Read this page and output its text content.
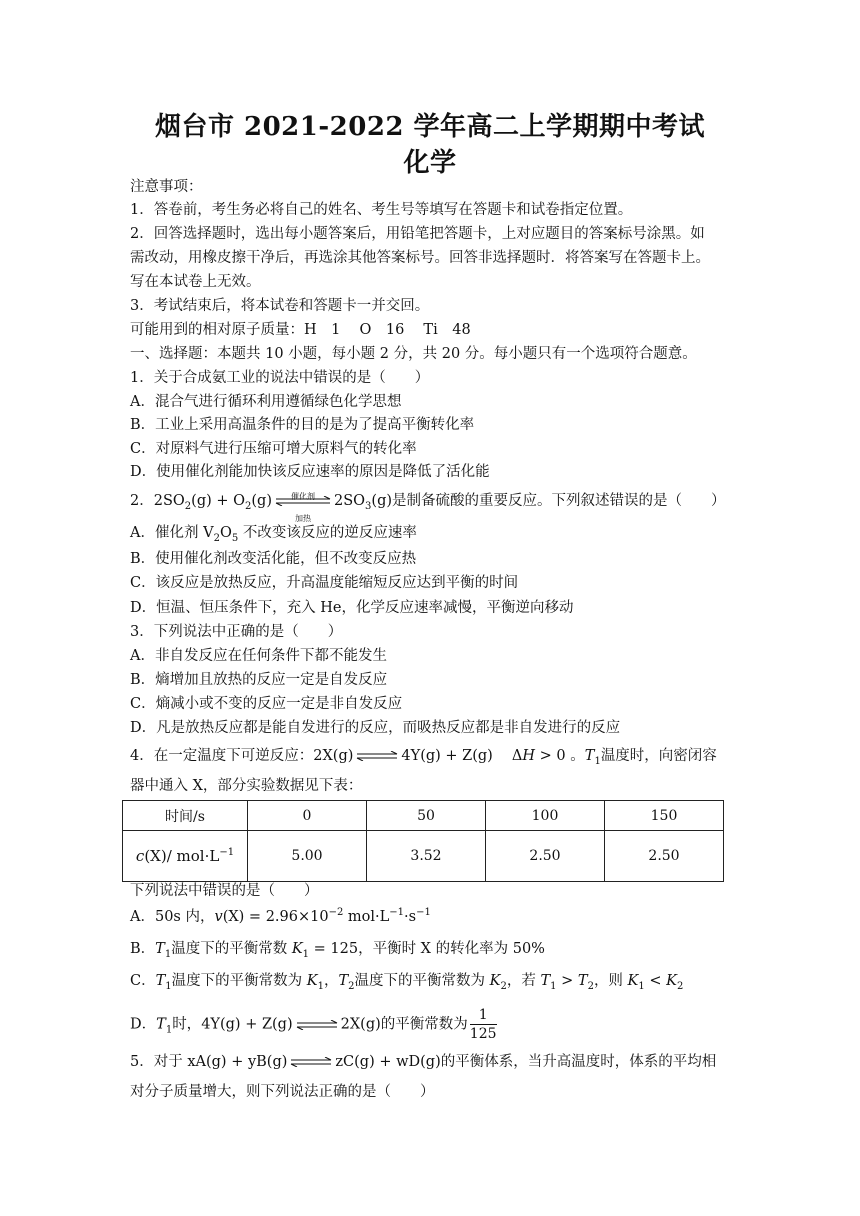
烟台市 2021-2022 学年高二上学期期中考试
化学
注意事项：
1．答卷前，考生务必将自己的姓名、考生号等填写在答题卡和试卷指定位置。
2．回答选择题时，选出每小题答案后，用铅笔把答题卡，上对应题目的答案标号涂黑。如
需改动，用橡皮擦干净后，再选涂其他答案标号。回答非选择题时．将答案写在答题卡上。
写在本试卷上无效。
3．考试结束后，将本试卷和答题卡一并交回。
可能用到的相对原子质量：H　1　 O　16　 Ti　48
一、选择题：本题共 10 小题，每小题 2 分，共 20 分。每小题只有一个选项符合题意。
1．关于合成氨工业的说法中错误的是（　　）
A．混合气进行循环利用遵循绿色化学思想
B．工业上采用高温条件的目的是为了提高平衡转化率
C．对原料气进行压缩可增大原料气的转化率
D．使用催化剂能加快该反应速率的原因是降低了活化能
2．$2SO_2(g) + O_2(g)$	催化剂
加热
$2SO_3(g)$是制备硫酸的重要反应。下列叙述错误的是（　　）
A．催化剂 $V_2O_5$ 不改变该反应的逆反应速率
B．使用催化剂改变活化能，但不改变反应热
C．该反应是放热反应，升高温度能缩短反应达到平衡的时间
D．恒温、恒压条件下，充入 He，化学反应速率减慢，平衡逆向移动
3．下列说法中正确的是（　　）
A．非自发反应在任何条件下都不能发生
B．熵增加且放热的反应一定是自发反应
C．熵减小或不变的反应一定是非自发反应
D．凡是放热反应都是能自发进行的反应，而吸热反应都是非自发进行的反应
4．在一定温度下可逆反应：2X(g) ⇌ 4Y(g) + Z(g)　 ΔH > 0 。$T_1$温度时，向密闭容
器中通入 X，部分实验数据见下表：
时间/s	0	50	100	150
c(X)/ $mol\cdot L^{-1}$	5.00	3.52	2.50	2.50
下列说法中错误的是（　　）
A．50s 内，$v(X) = 2.96\times 10^{-2}$ $mol\cdot L^{-1}\cdot s^{-1}$
B．$T_1$温度下的平衡常数 $K_1 = 125$，平衡时 X 的转化率为 50%
C．$T_1$温度下的平衡常数为 $K_1$，$T_2$温度下的平衡常数为 $K_2$，若 $T_1 > T_2$，则 $K_1 < K_2$
D．$T_1$时，4Y(g) + Z(g) ⇌ 2X(g)的平衡常数为 $\frac{1}{125}$
5．对于 xA(g) + yB(g) ⇌ zC(g) + wD(g)的平衡体系，当升高温度时，体系的平均相
对分子质量增大，则下列说法正确的是（　　）
